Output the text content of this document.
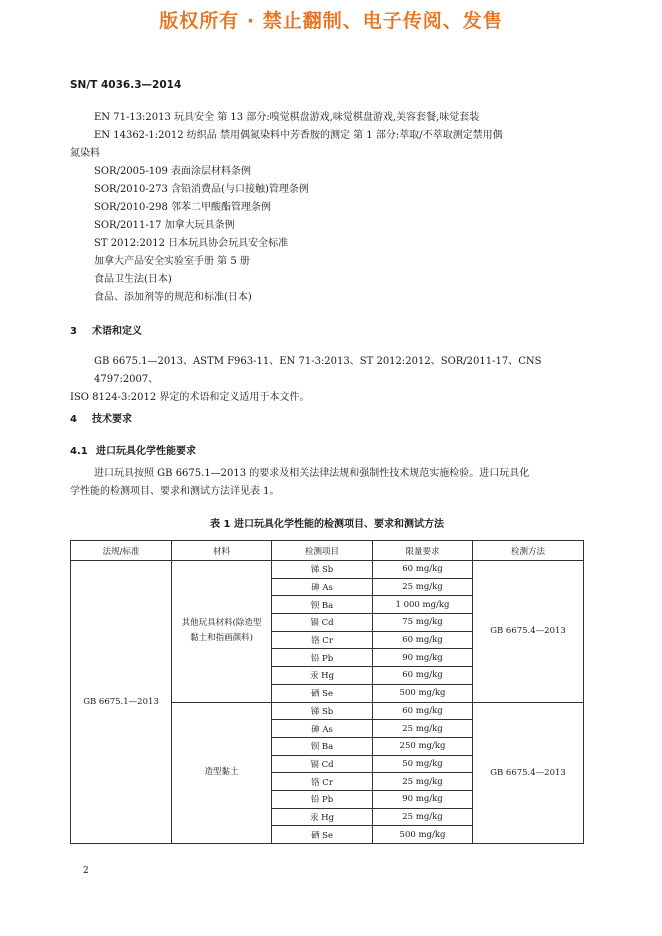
版权所有 · 禁止翻制、电子传阅、发售
SN/T 4036.3—2014
EN 71-13:2013 玩具安全 第 13 部分:嗅觉棋盘游戏,味觉棋盘游戏,美容套餐,味觉套装
EN 14362-1:2012 纺织品 禁用偶氮染料中芳香胺的测定 第 1 部分:萃取/不萃取测定禁用偶
氮染料
SOR/2005-109 表面涂层材料条例
SOR/2010-273 含铅消费品(与口接触)管理条例
SOR/2010-298 邻苯二甲酸酯管理条例
SOR/2011-17 加拿大玩具条例
ST 2012:2012 日本玩具协会玩具安全标准
加拿大产品安全实验室手册 第 5 册
食品卫生法(日本)
食品、添加剂等的规范和标准(日本)
3 术语和定义
GB 6675.1—2013、ASTM F963-11、EN 71-3:2013、ST 2012:2012、SOR/2011-17、CNS 4797:2007、
ISO 8124-3:2012 界定的术语和定义适用于本文件。
4 技术要求
4.1 进口玩具化学性能要求
进口玩具按照 GB 6675.1—2013 的要求及相关法律法规和强制性技术规范实施检验。进口玩具化
学性能的检测项目、要求和测试方法详见表 1。
表 1 进口玩具化学性能的检测项目、要求和测试方法
法规/标准	材料	检测项目	限量要求	检测方法
GB 6675.1—2013	其他玩具材料(除造型黏土和指画颜料)	锑 Sb	60 mg/kg	GB 6675.4—2013
		砷 As	25 mg/kg	
		钡 Ba	1 000 mg/kg	
		镉 Cd	75 mg/kg	
		铬 Cr	60 mg/kg	
		铅 Pb	90 mg/kg	
		汞 Hg	60 mg/kg	
		硒 Se	500 mg/kg	
	造型黏土	锑 Sb	60 mg/kg	GB 6675.4—2013
		砷 As	25 mg/kg	
		钡 Ba	250 mg/kg	
		镉 Cd	50 mg/kg	
		铬 Cr	25 mg/kg	
		铅 Pb	90 mg/kg	
		汞 Hg	25 mg/kg	
		硒 Se	500 mg/kg	
2
